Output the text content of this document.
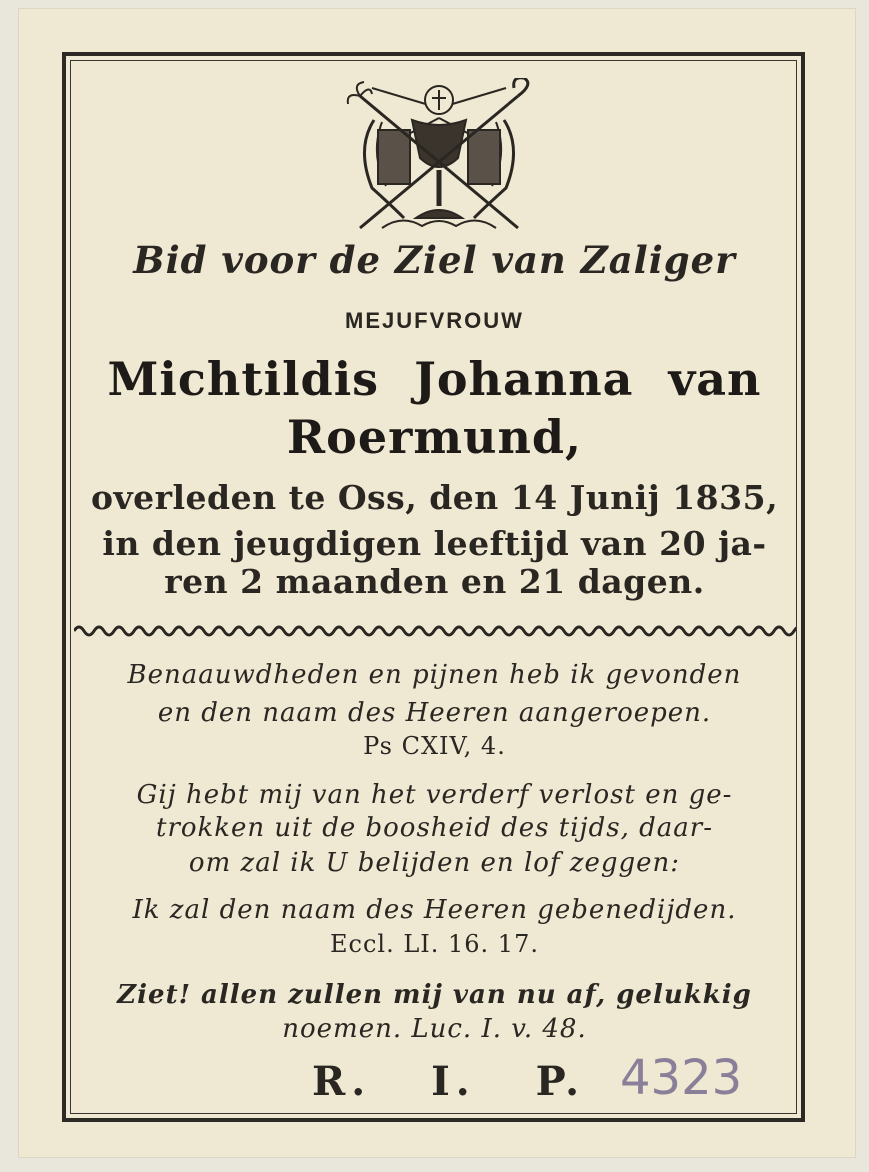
Bid voor de Ziel van Zaliger
MEJUFVROUW
Michtildis Johanna van
Roermund,
overleden te Oss, den 14 Junij 1835,
in den jeugdigen leeftijd van 20 ja-
ren 2 maanden en 21 dagen.
Benaauwdheden en pijnen heb ik gevonden
en den naam des Heeren aangeroepen.
Ps CXIV, 4.
Gij hebt mij van het verderf verlost en ge-
trokken uit de boosheid des tijds, daar-
om zal ik U belijden en lof zeggen:
Ik zal den naam des Heeren gebenedijden.
Eccl. LI. 16. 17.
Ziet! allen zullen mij van nu af, gelukkig
noemen. Luc. I. v. 48.
R. I. P. 4323
